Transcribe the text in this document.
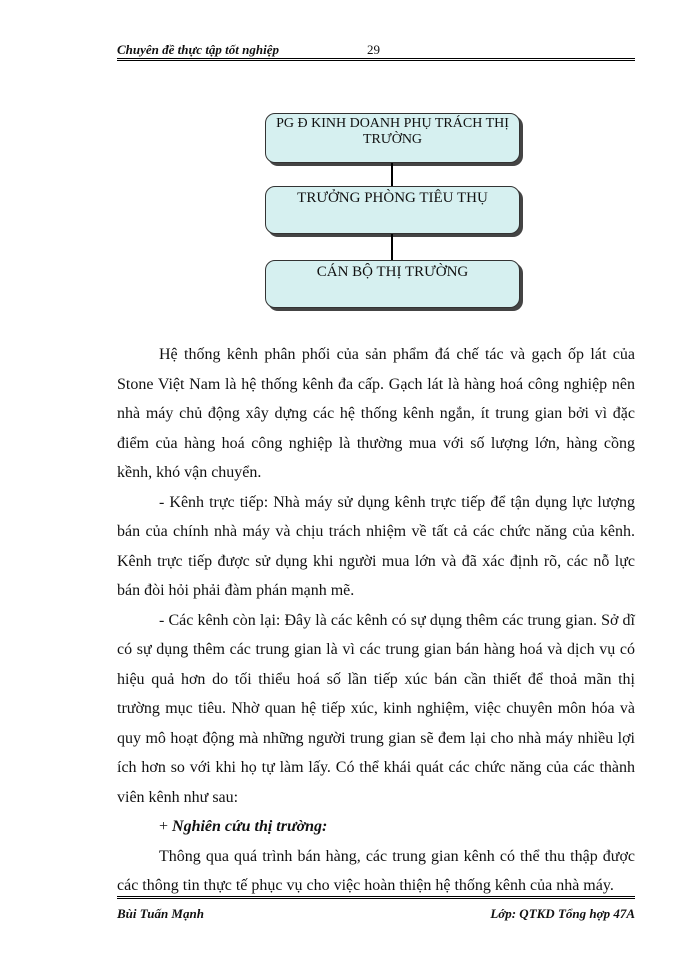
Chuyên đề thực tập tốt nghiệp	29
PG Đ KINH DOANH PHỤ TRÁCH THỊ TRƯỜNG
TRƯỞNG PHÒNG TIÊU THỤ
CÁN BỘ THỊ TRƯỜNG

Hệ thống kênh phân phối của sản phẩm đá chế tác và gạch ốp lát của Stone Việt Nam là hệ thống kênh đa cấp. Gạch lát là hàng hoá công nghiệp nên nhà máy chủ động xây dựng các hệ thống kênh ngắn, ít trung gian bởi vì đặc điểm của hàng hoá công nghiệp là thường mua với số lượng lớn, hàng cồng kềnh, khó vận chuyển.

- Kênh trực tiếp: Nhà máy sử dụng kênh trực tiếp để tận dụng lực lượng bán của chính nhà máy và chịu trách nhiệm về tất cả các chức năng của kênh. Kênh trực tiếp được sử dụng khi người mua lớn và đã xác định rõ, các nỗ lực bán đòi hỏi phải đàm phán mạnh mẽ.

- Các kênh còn lại: Đây là các kênh có sự dụng thêm các trung gian. Sở dĩ có sự dụng thêm các trung gian là vì các trung gian bán hàng hoá và dịch vụ có hiệu quả hơn do tối thiểu hoá số lần tiếp xúc bán cần thiết để thoả mãn thị trường mục tiêu. Nhờ quan hệ tiếp xúc, kinh nghiệm, việc chuyên môn hóa và quy mô hoạt động mà những người trung gian sẽ đem lại cho nhà máy nhiều lợi ích hơn so với khi họ tự làm lấy. Có thể khái quát các chức năng của các thành viên kênh như sau:

+ Nghiên cứu thị trường:

Thông qua quá trình bán hàng, các trung gian kênh có thể thu thập được các thông tin thực tế phục vụ cho việc hoàn thiện hệ thống kênh của nhà máy.

Bùi Tuấn Mạnh	Lớp: QTKD Tổng hợp 47A
